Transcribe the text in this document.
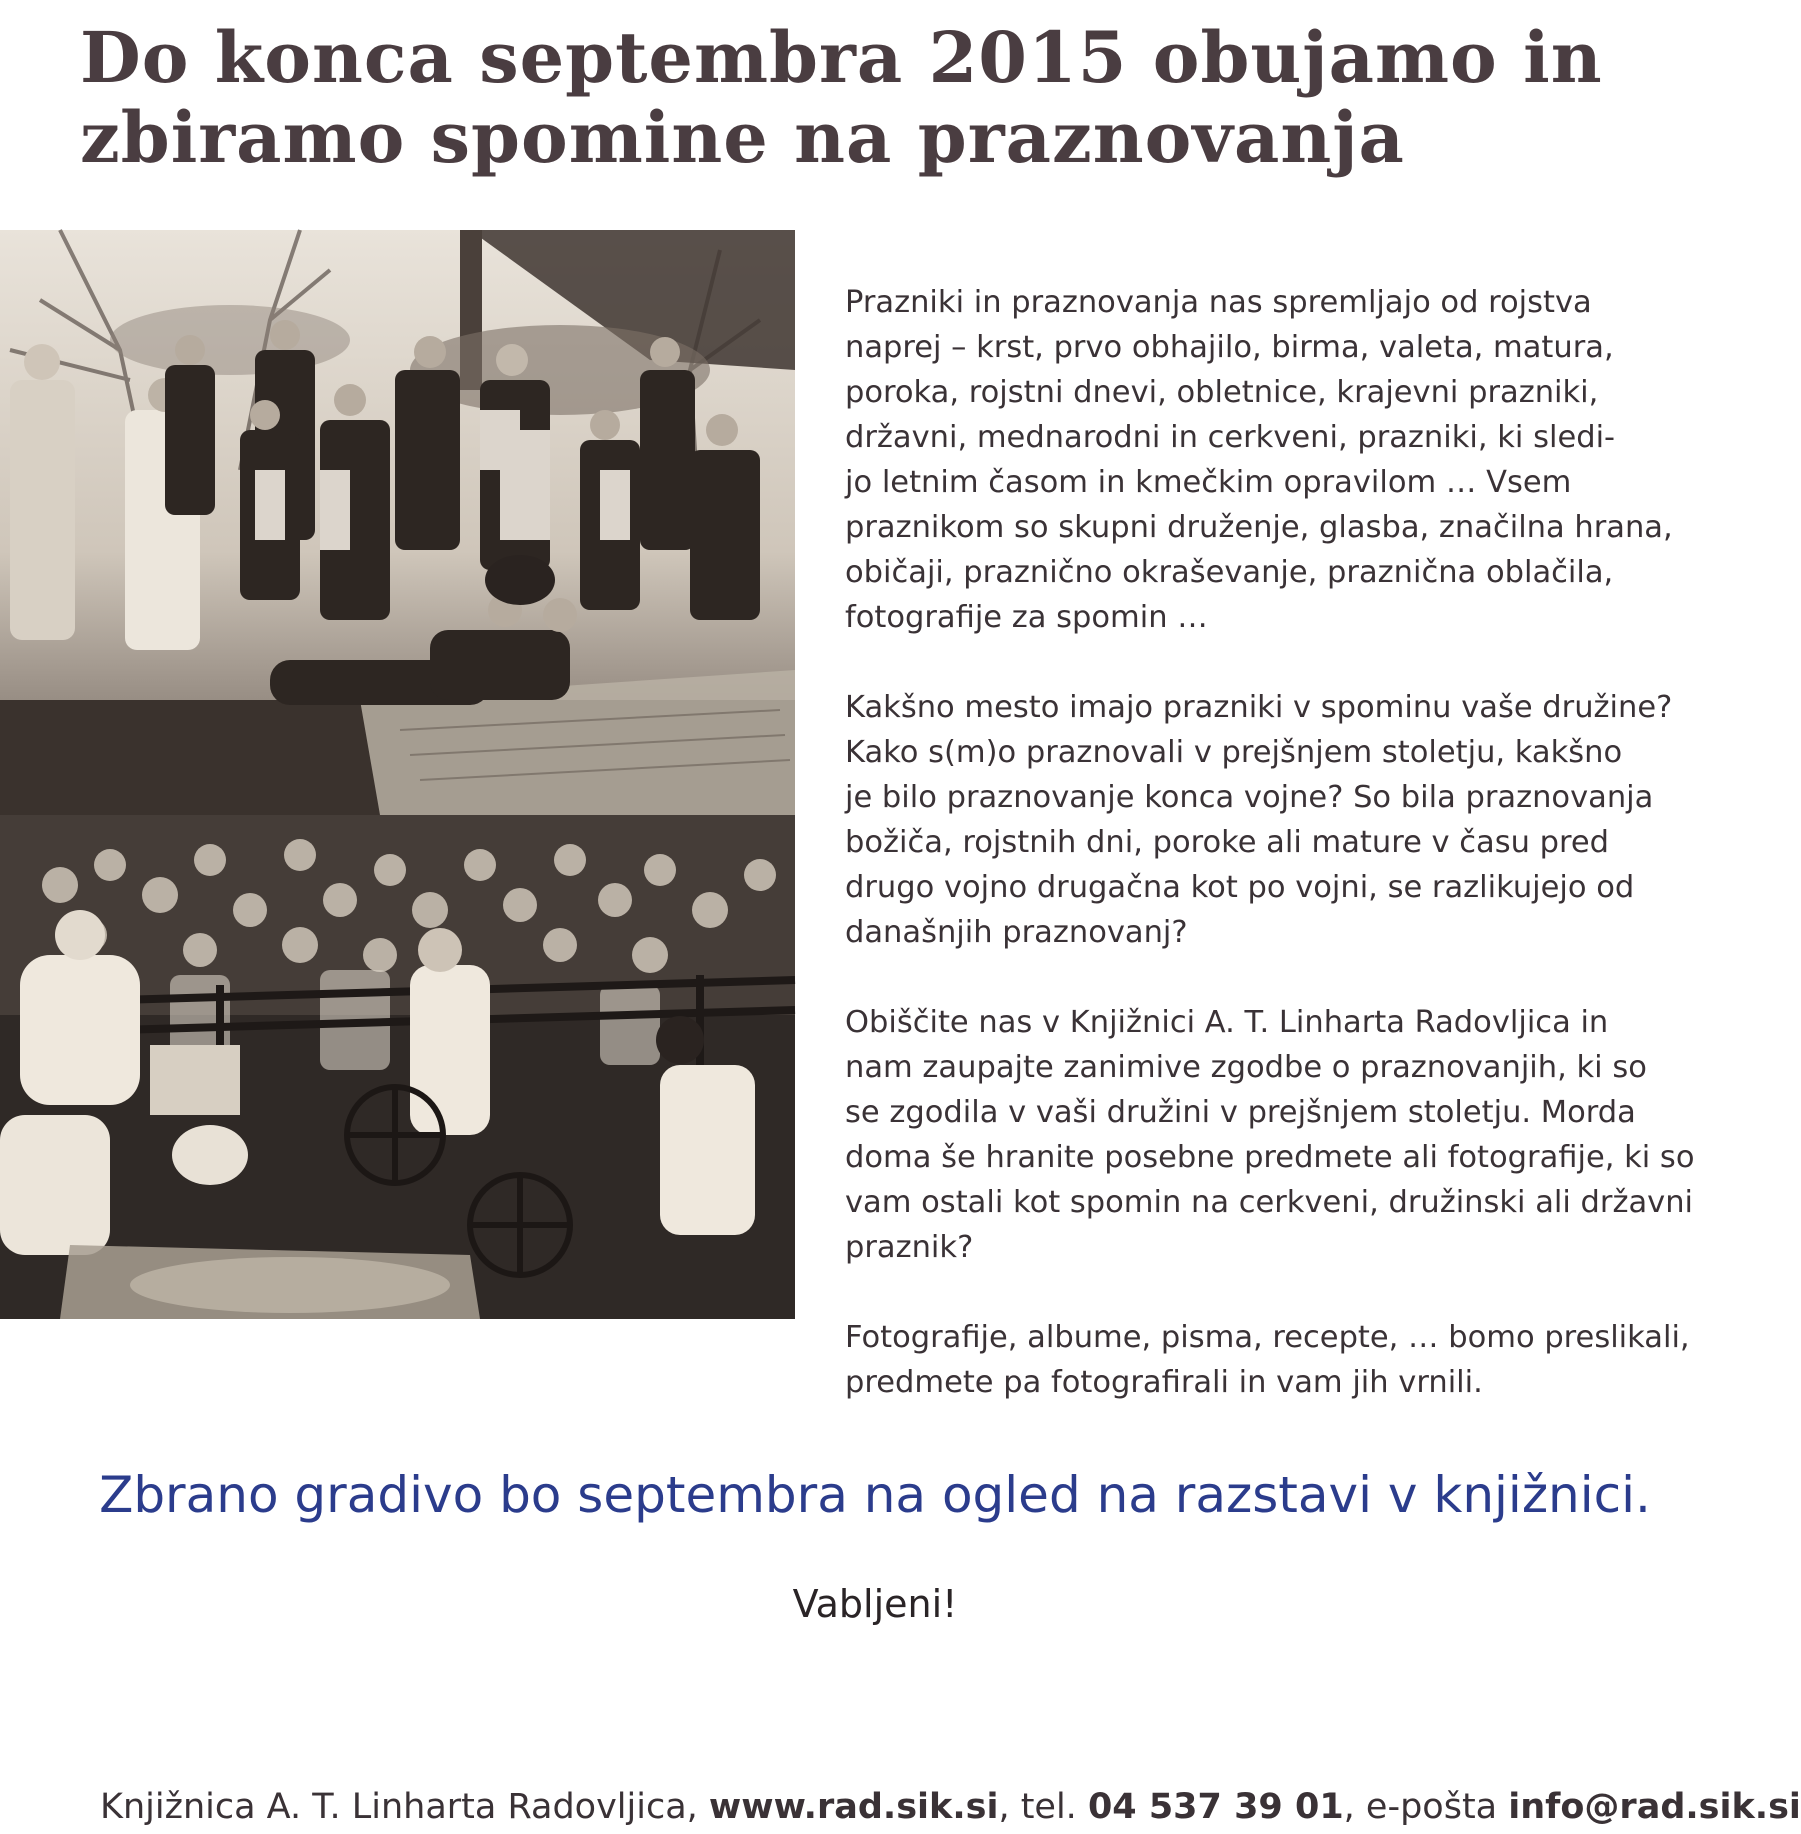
Do konca septembra 2015 obujamo in
zbiramo spomine na praznovanja

Prazniki in praznovanja nas spremljajo od rojstva
naprej – krst, prvo obhajilo, birma, valeta, matura,
poroka, rojstni dnevi, obletnice, krajevni prazniki,
državni, mednarodni in cerkveni, prazniki, ki sledi-
jo letnim časom in kmečkim opravilom … Vsem
praznikom so skupni druženje, glasba, značilna hrana,
običaji, praznično okraševanje, praznična oblačila,
fotografije za spomin …

Kakšno mesto imajo prazniki v spominu vaše družine?
Kako s(m)o praznovali v prejšnjem stoletju, kakšno
je bilo praznovanje konca vojne? So bila praznovanja
božiča, rojstnih dni, poroke ali mature v času pred
drugo vojno drugačna kot po vojni, se razlikujejo od
današnjih praznovanj?

Obiščite nas v Knjižnici A. T. Linharta Radovljica in
nam zaupajte zanimive zgodbe o praznovanjih, ki so
se zgodila v vaši družini v prejšnjem stoletju. Morda
doma še hranite posebne predmete ali fotografije, ki so
vam ostali kot spomin na cerkveni, družinski ali državni
praznik?

Fotografije, albume, pisma, recepte, … bomo preslikali,
predmete pa fotografirali in vam jih vrnili.

Zbrano gradivo bo septembra na ogled na razstavi v knjižnici.
Vabljeni!
Knjižnica A. T. Linharta Radovljica, www.rad.sik.si, tel. 04 537 39 01, e-pošta info@rad.sik.si
